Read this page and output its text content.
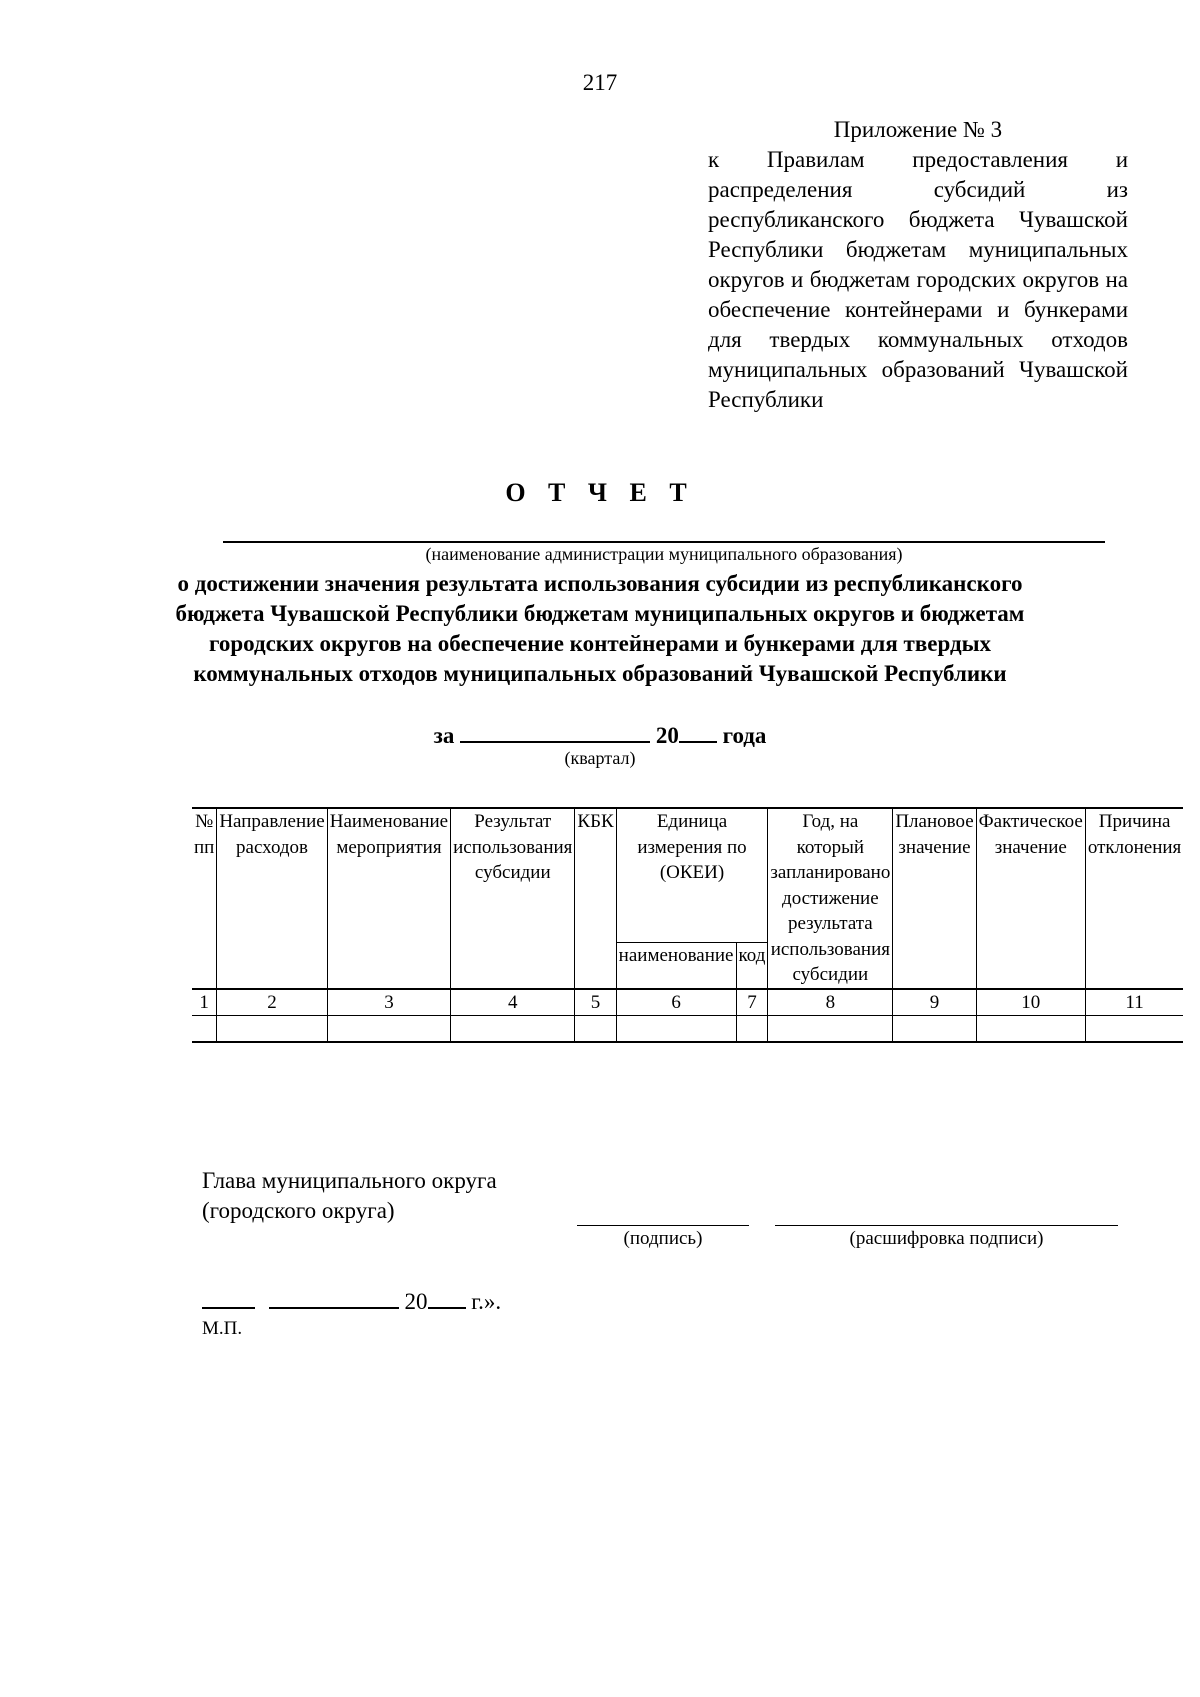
217
Приложение № 3
к Правилам предоставления и распределения субсидий из республиканского бюджета Чувашской Республики бюджетам муниципальных округов и бюджетам городских округов на обеспечение контейнерами и бункерами для твердых коммунальных отходов муниципальных образований Чувашской Республики
О Т Ч Е Т
(наименование администрации муниципального образования)
о достижении значения результата использования субсидии из республиканского бюджета Чувашской Республики бюджетам муниципальных округов и бюджетам городских округов на обеспечение контейнерами и бункерами для твердых коммунальных отходов муниципальных образований Чувашской Республики
за	20 года
(квартал)
№ пп	Направление расходов	Наименование мероприятия	Результат использования субсидии	КБК	Единица измерения по (ОКЕИ)		Год, на который запланировано достижение результата использования субсидии	Плановое значение	Фактическое значение	Причина отклонения
					наименование	код				
1	2	3	4	5	6	7	8	9	10	11

Глава муниципального округа
(городского округа)
(подпись)	(расшифровка подписи)
20 г.».
М.П.
